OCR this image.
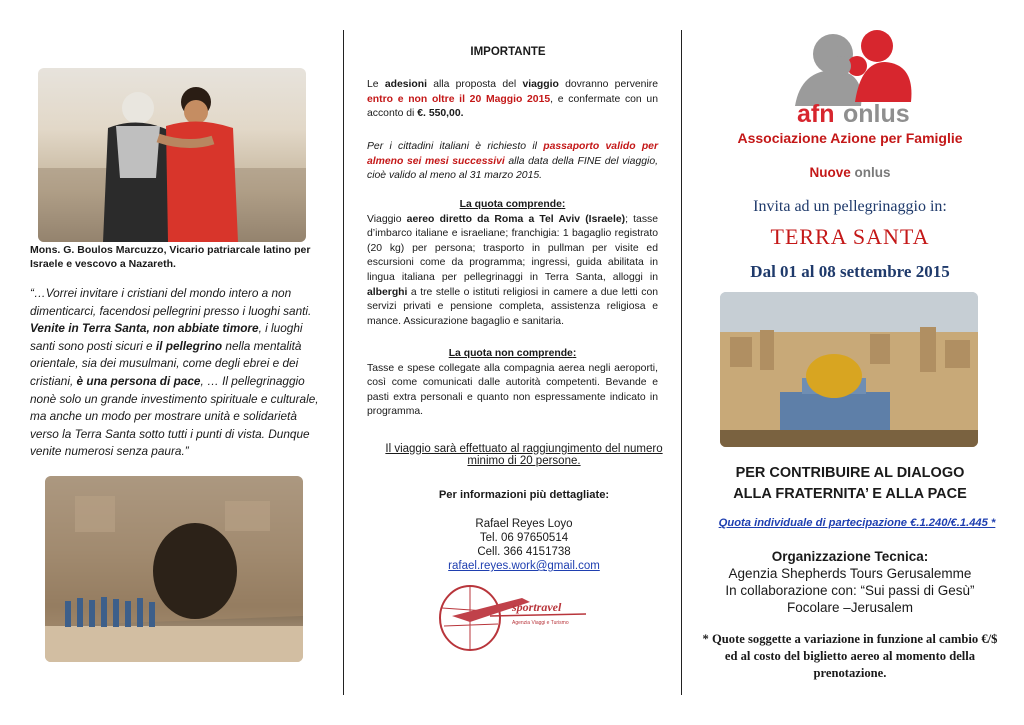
Mons. G. Boulos Marcuzzo, Vicario patriarcale latino per Israele e vescovo a Nazareth.
“…Vorrei invitare i cristiani del mondo intero a non dimenticarci, facendosi pellegrini presso i luoghi santi. Venite in Terra Santa, non abbiate timore, i luoghi santi sono posti sicuri e il pellegrino nella mentalità orientale, sia dei musulmani, come degli ebrei e dei cristiani, è una persona di pace, … Il pellegrinaggio nonè solo un grande investimento spirituale e culturale, ma anche un modo per mostrare unità e solidarietà verso la Terra Santa sotto tutti i punti di vista. Dunque venite numerosi senza paura.”
IMPORTANTE
Le adesioni alla proposta del viaggio dovranno pervenire entro e non oltre il 20 Maggio 2015, e confermate con un acconto di €. 550,00.
Per i cittadini italiani è richiesto il passaporto valido per almeno sei mesi successivi alla data della FINE del viaggio, cioè valido al meno al 31 marzo 2015.
La quota comprende:
Viaggio aereo diretto da Roma a Tel Aviv (Israele); tasse d’imbarco italiane e israeliane; franchigia: 1 bagaglio registrato (20 kg) per persona; trasporto in pullman per visite ed escursioni come da programma; ingressi, guida abilitata in lingua italiana per pellegrinaggi in Terra Santa, alloggi in alberghi a tre stelle o istituti religiosi in camere a due letti con servizi privati e pensione completa, assistenza religiosa e mance. Assicurazione bagaglio e sanitaria.
La quota non comprende:
Tasse e spese collegate alla compagnia aerea negli aeroporti, così come comunicati dalle autorità competenti. Bevande e pasti extra personali e quanto non espressamente indicato in programma.
Il viaggio sarà effettuato al raggiungimento del numero minimo di 20 persone.
Per informazioni più dettagliate:
Rafael Reyes Loyo
Tel. 06 97650514
Cell. 366 4151738
rafael.reyes.work@gmail.com
sportravel
Agenzia Viaggi e Turismo
afn onlus
Associazione Azione per Famiglie
Nuove onlus
Invita ad un pellegrinaggio in:
TERRA SANTA
Dal 01 al 08 settembre 2015
PER CONTRIBUIRE AL DIALOGO
ALLA FRATERNITA’ E ALLA PACE
Quota individuale di partecipazione €.1.240/€.1.445 *
Organizzazione Tecnica:
Agenzia Shepherds Tours Gerusalemme
In collaborazione con: “Sui passi di Gesù”
Focolare –Jerusalem
* Quote soggette a variazione in funzione al cambio €/$ ed al costo del biglietto aereo al momento della prenotazione.
